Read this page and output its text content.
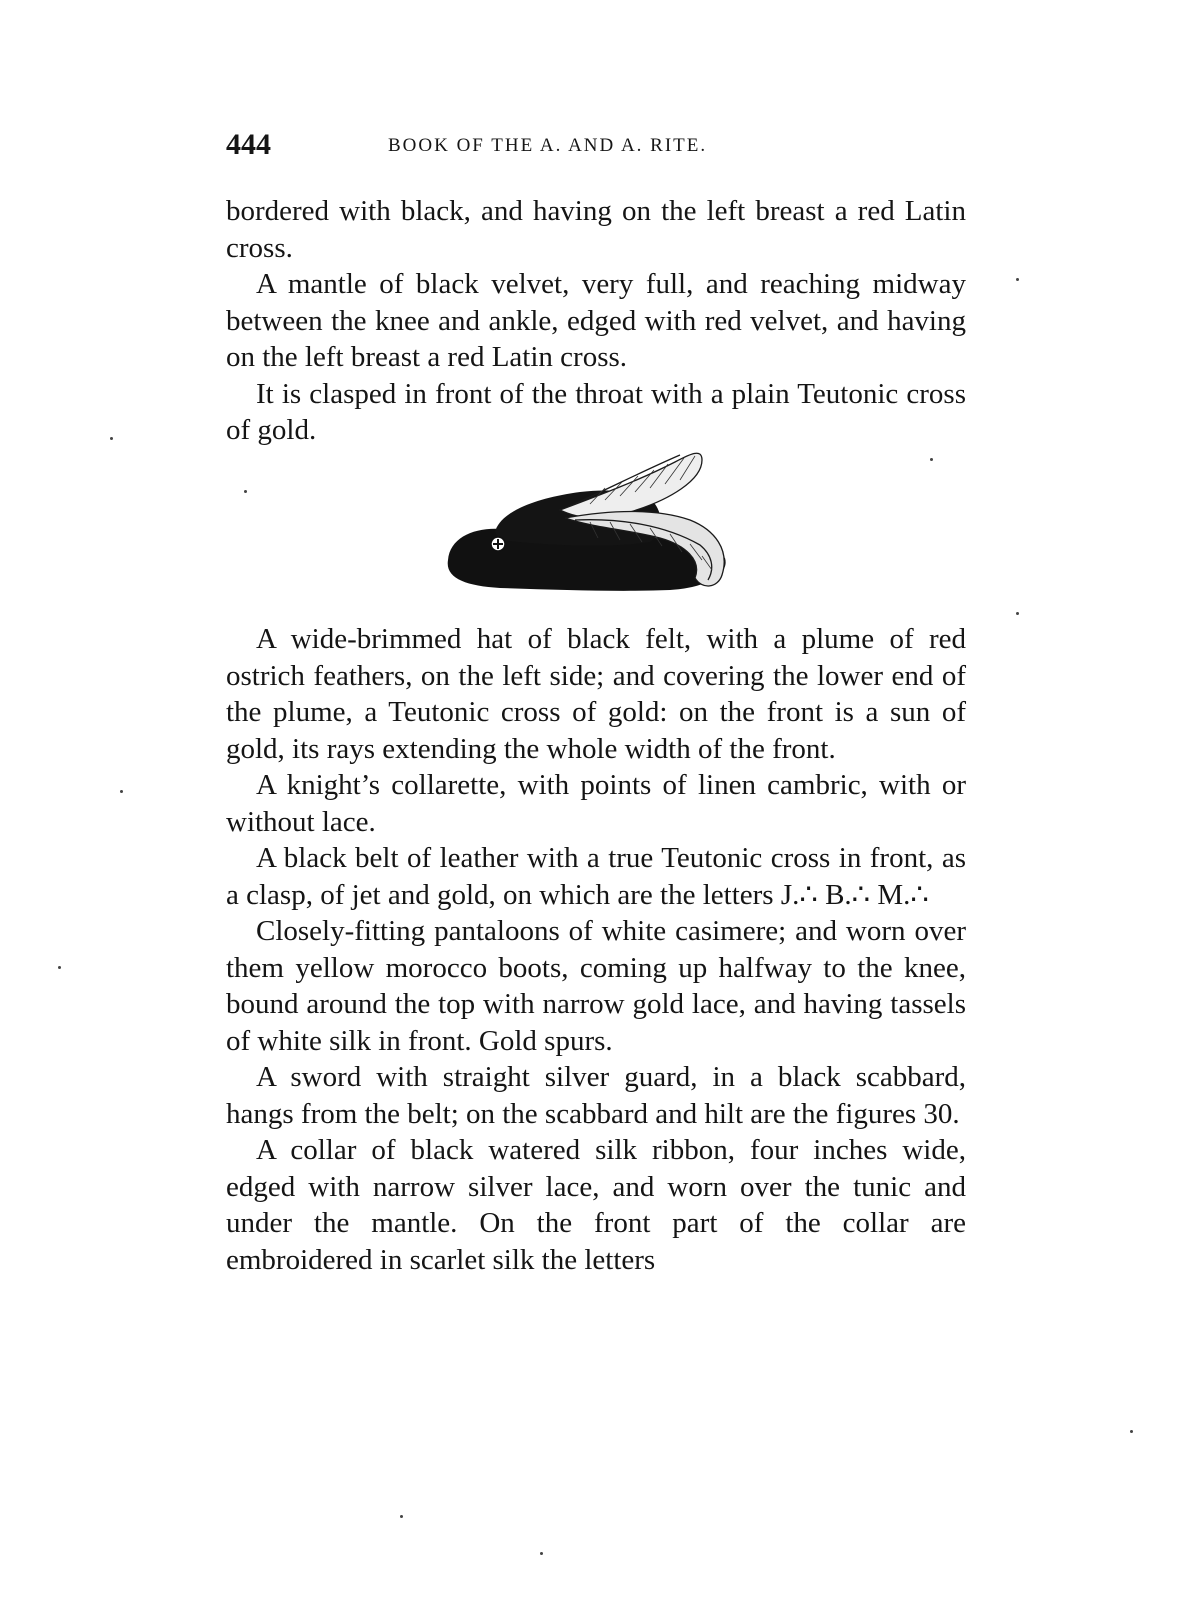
444	BOOK OF THE A. AND A. RITE.

bordered with black, and having on the left breast a red Latin cross.

A mantle of black velvet, very full, and reaching midway between the knee and ankle, edged with red velvet, and having on the left breast a red Latin cross.

It is clasped in front of the throat with a plain Teutonic cross of gold.

A wide-brimmed hat of black felt, with a plume of red ostrich feathers, on the left side; and covering the lower end of the plume, a Teutonic cross of gold: on the front is a sun of gold, its rays extending the whole width of the front.

A knight’s collarette, with points of linen cambric, with or without lace.

A black belt of leather with a true Teutonic cross in front, as a clasp, of jet and gold, on which are the letters J.∴ B.∴ M.∴

Closely-fitting pantaloons of white casimere; and worn over them yellow morocco boots, coming up halfway to the knee, bound around the top with narrow gold lace, and having tassels of white silk in front. Gold spurs.

A sword with straight silver guard, in a black scabbard, hangs from the belt; on the scabbard and hilt are the figures 30.

A collar of black watered silk ribbon, four inches wide, edged with narrow silver lace, and worn over the tunic and under the mantle. On the front part of the collar are embroidered in scarlet silk the letters
